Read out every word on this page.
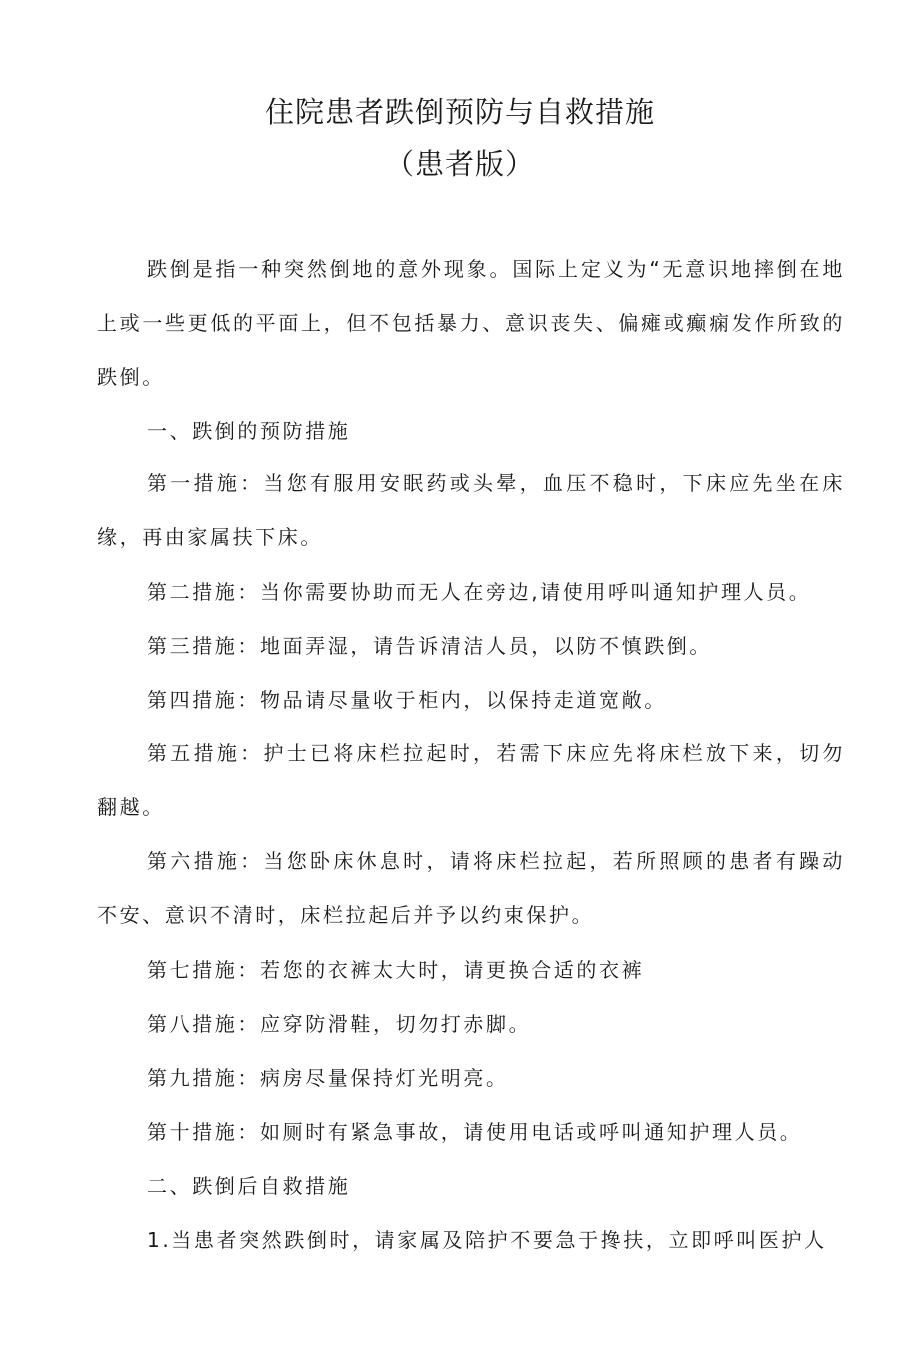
住院患者跌倒预防与自救措施
（患者版）
跌倒是指一种突然倒地的意外现象。国际上定义为“无意识地摔倒在地上或一些更低的平面上，但不包括暴力、意识丧失、偏瘫或癫痫发作所致的跌倒。
一、跌倒的预防措施
第一措施：当您有服用安眠药或头晕，血压不稳时，下床应先坐在床缘，再由家属扶下床。
第二措施：当你需要协助而无人在旁边,请使用呼叫通知护理人员。
第三措施：地面弄湿，请告诉清洁人员，以防不慎跌倒。
第四措施：物品请尽量收于柜内，以保持走道宽敞。
第五措施：护士已将床栏拉起时，若需下床应先将床栏放下来，切勿翻越。
第六措施：当您卧床休息时，请将床栏拉起，若所照顾的患者有躁动不安、意识不清时，床栏拉起后并予以约束保护。
第七措施：若您的衣裤太大时，请更换合适的衣裤
第八措施：应穿防滑鞋，切勿打赤脚。
第九措施：病房尽量保持灯光明亮。
第十措施：如厕时有紧急事故，请使用电话或呼叫通知护理人员。
二、跌倒后自救措施
1.当患者突然跌倒时，请家属及陪护不要急于搀扶，立即呼叫医护人
